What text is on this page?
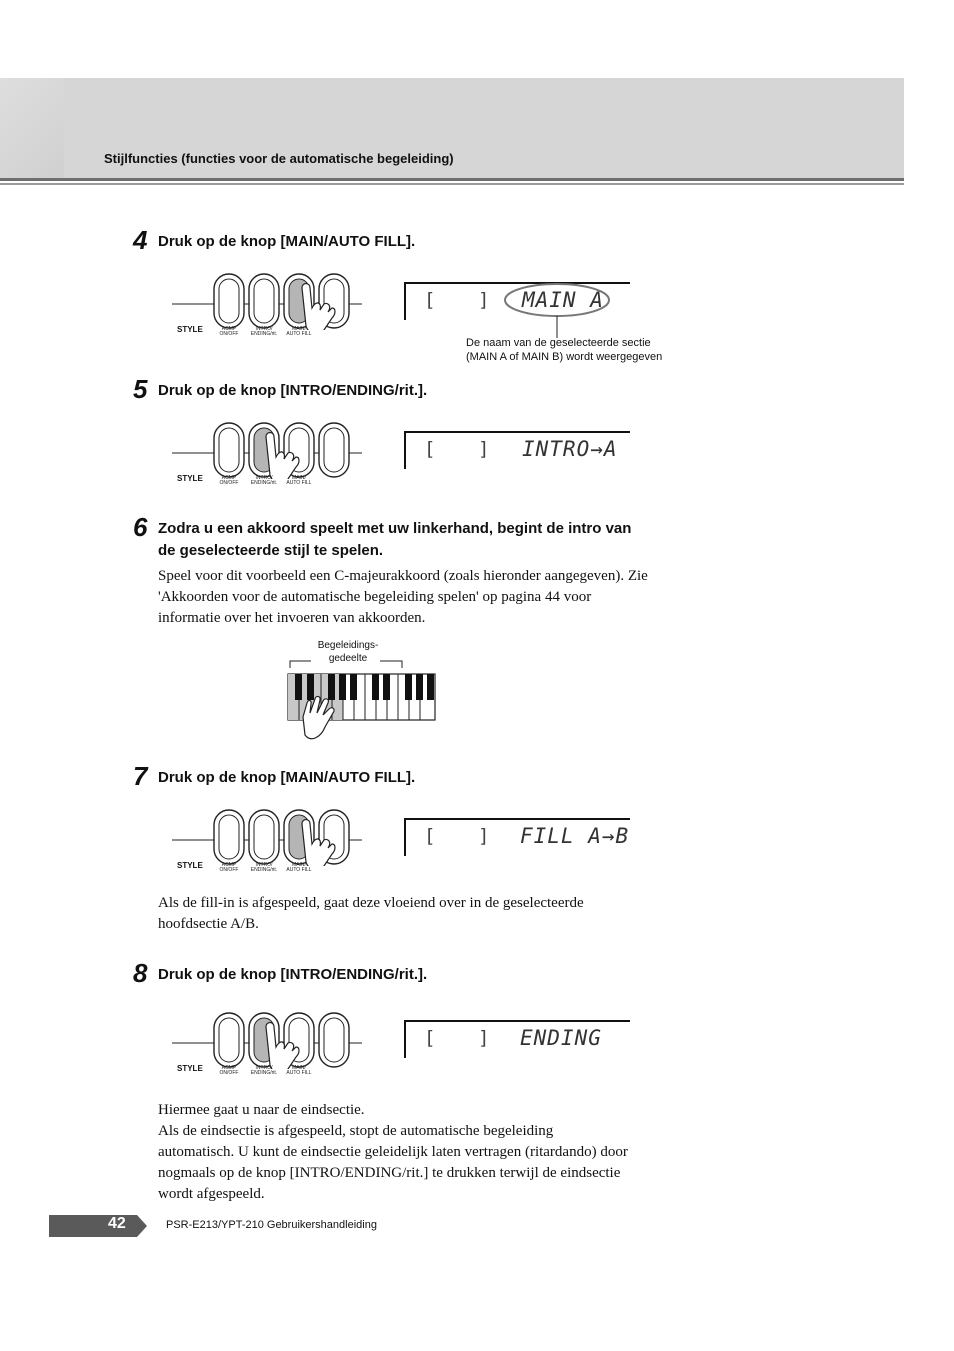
Stijlfuncties (functies voor de automatische begeleiding)
4 Druk op de knop [MAIN/AUTO FILL].
STYLE	ACMP
ON/OFF
INTRO/
ENDING/rit.
MAIN/
AUTO FILL
[ ] MAIN A
De naam van de geselecteerde sectie
(MAIN A of MAIN B) wordt weergegeven
5 Druk op de knop [INTRO/ENDING/rit.].
STYLE	ACMP
ON/OFF
INTRO/
ENDING/rit.
MAIN/
AUTO FILL
[ ] INTRO→A
6 Zodra u een akkoord speelt met uw linkerhand, begint de intro van de geselecteerde stijl te spelen.
Speel voor dit voorbeeld een C-majeurakkoord (zoals hieronder aangegeven). Zie 'Akkoorden voor de automatische begeleiding spelen' op pagina 44 voor informatie over het invoeren van akkoorden.
Begeleidings-
gedeelte
7 Druk op de knop [MAIN/AUTO FILL].
STYLE	ACMP
ON/OFF
INTRO/
ENDING/rit.
MAIN/
AUTO FILL
[ ] FILL A→B
Als de fill-in is afgespeeld, gaat deze vloeiend over in de geselecteerde hoofdsectie A/B.
8 Druk op de knop [INTRO/ENDING/rit.].
STYLE	ACMP
ON/OFF
INTRO/
ENDING/rit.
MAIN/
AUTO FILL
[ ] ENDING
Hiermee gaat u naar de eindsectie.
Als de eindsectie is afgespeeld, stopt de automatische begeleiding automatisch. U kunt de eindsectie geleidelijk laten vertragen (ritardando) door nogmaals op de knop [INTRO/ENDING/rit.] te drukken terwijl de eindsectie wordt afgespeeld.
42	PSR-E213/YPT-210 Gebruikershandleiding
